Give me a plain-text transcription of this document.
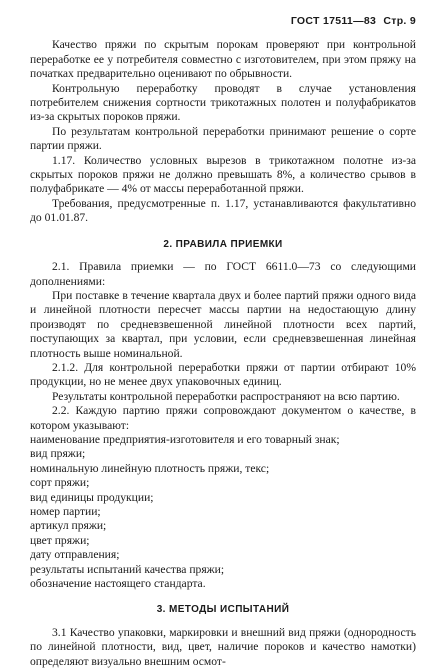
ГОСТ 17511—83 Стр. 9

Качество пряжи по скрытым порокам проверяют при контрольной переработке ее у потребителя совместно с изготовителем, при этом пряжу на початках предварительно оценивают по обрывности.

Контрольную переработку проводят в случае установления потребителем снижения сортности трикотажных полотен и полуфабрикатов из-за скрытых пороков пряжи.

По результатам контрольной переработки принимают решение о сорте партии пряжи.

1.17. Количество условных вырезов в трикотажном полотне из-за скрытых пороков пряжи не должно превышать 8%, а количество срывов в полуфабрикате — 4% от массы переработанной пряжи.

Требования, предусмотренные п. 1.17, устанавливаются факультативно до 01.01.87.

2. ПРАВИЛА ПРИЕМКИ

2.1. Правила приемки — по ГОСТ 6611.0—73 со следующими дополнениями:

При поставке в течение квартала двух и более партий пряжи одного вида и линейной плотности пересчет массы партии на недостающую длину производят по средневзвешенной линейной плотности всех партий, поступающих за квартал, при условии, если средневзвешенная линейная плотность выше номинальной.

2.1.2. Для контрольной переработки пряжи от партии отбирают 10% продукции, но не менее двух упаковочных единиц.

Результаты контрольной переработки распространяют на всю партию.

2.2. Каждую партию пряжи сопровождают документом о качестве, в котором указывают:

наименование предприятия-изготовителя и его товарный знак;

вид пряжи;

номинальную линейную плотность пряжи, текс;

сорт пряжи;

вид единицы продукции;

номер партии;

артикул пряжи;

цвет пряжи;

дату отправления;

результаты испытаний качества пряжи;

обозначение настоящего стандарта.

3. МЕТОДЫ ИСПЫТАНИЙ

3.1 Качество упаковки, маркировки и внешний вид пряжи (однородность по линейной плотности, вид, цвет, наличие пороков и качество намотки) определяют визуально внешним осмот-
